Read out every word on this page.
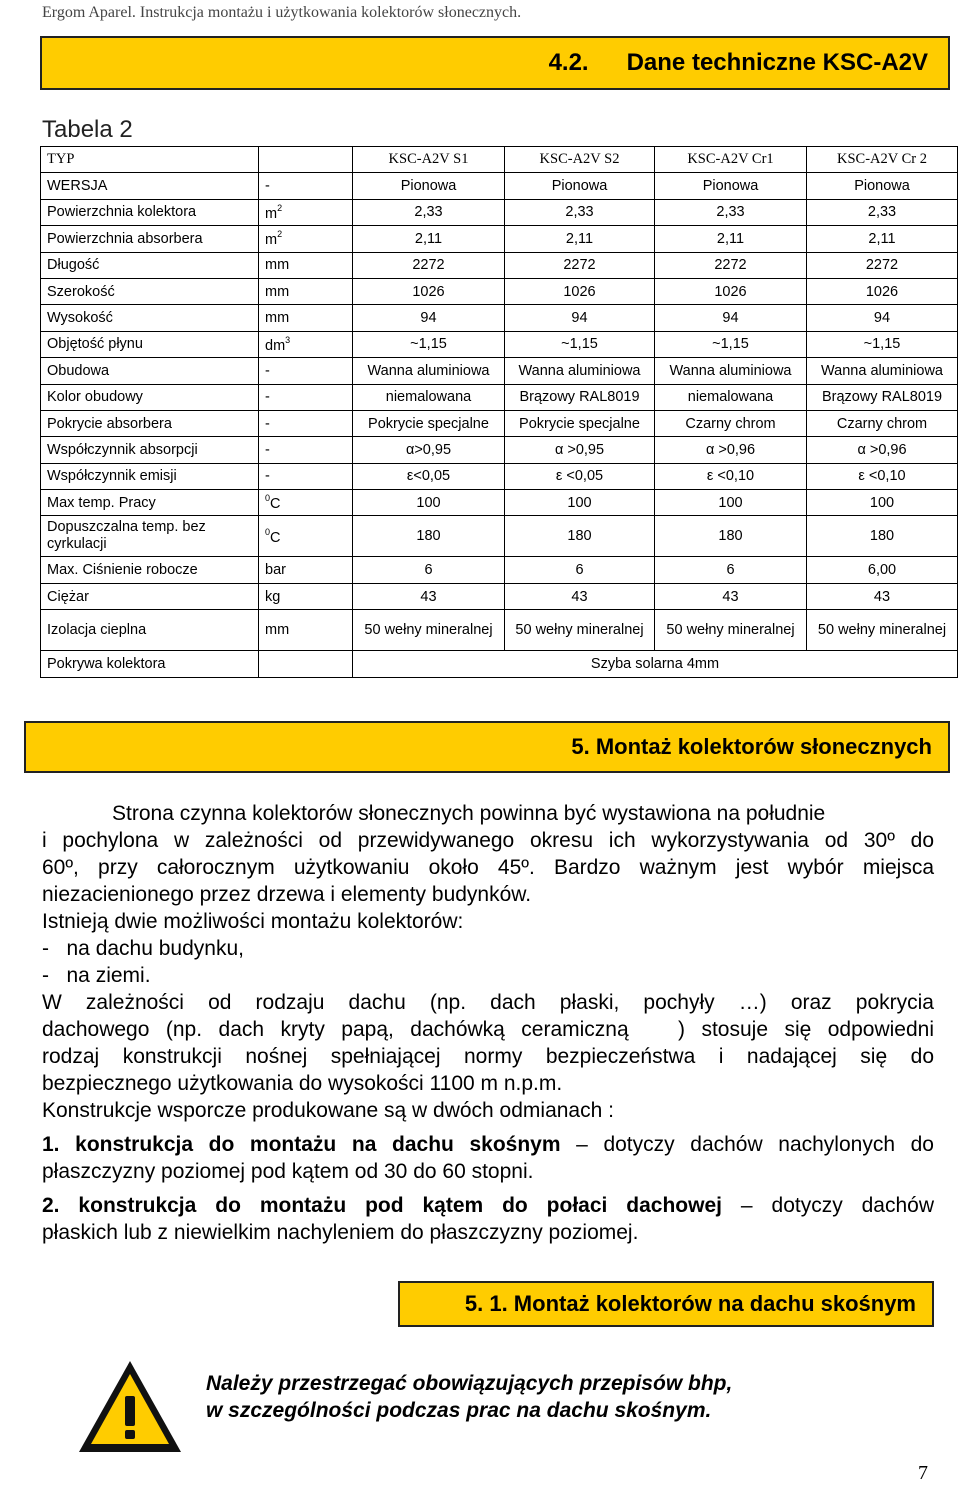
Ergom Aparel. Instrukcja montażu i użytkowania kolektorów słonecznych.
4.2. Dane techniczne KSC-A2V
Tabela 2
TYP		KSC-A2V S1	KSC-A2V S2	KSC-A2V Cr1	KSC-A2V Cr 2
WERSJA	-	Pionowa	Pionowa	Pionowa	Pionowa
Powierzchnia kolektora	$m^2$	2,33	2,33	2,33	2,33
Powierzchnia absorbera	$m^2$	2,11	2,11	2,11	2,11
Długość	mm	2272	2272	2272	2272
Szerokość	mm	1026	1026	1026	1026
Wysokość	mm	94	94	94	94
Objętość płynu	$dm^3$	~1,15	~1,15	~1,15	~1,15
Obudowa	-	Wanna aluminiowa	Wanna aluminiowa	Wanna aluminiowa	Wanna aluminiowa
Kolor obudowy	-	niemalowana	Brązowy RAL8019	niemalowana	Brązowy RAL8019
Pokrycie absorbera	-	Pokrycie specjalne	Pokrycie specjalne	Czarny chrom	Czarny chrom
Współczynnik absorpcji	-	α>0,95	α >0,95	α >0,96	α >0,96
Współczynnik emisji	-	ε<0,05	ε <0,05	ε <0,10	ε <0,10
Max temp. Pracy	$^0$C	100	100	100	100
Dopuszczalna temp. bez cyrkulacji	$^0$C	180	180	180	180
Max. Ciśnienie robocze	bar	6	6	6	6,00
Ciężar	kg	43	43	43	43
Izolacja cieplna	mm	50 wełny mineralnej	50 wełny mineralnej	50 wełny mineralnej	50 wełny mineralnej
Pokrywa kolektora		Szyba solarna 4mm			
5. Montaż kolektorów słonecznych
Strona czynna kolektorów słonecznych powinna być wystawiona na południe
i pochylona w zależności od przewidywanego okresu ich wykorzystywania od 30º do
60º, przy całorocznym użytkowaniu około 45º. Bardzo ważnym jest wybór miejsca
niezacienionego przez drzewa i elementy budynków.
Istnieją dwie możliwości montażu kolektorów:
-   na dachu budynku,
-   na ziemi.
W zależności od rodzaju dachu (np. dach płaski, pochyły …) oraz pokrycia
dachowego (np. dach kryty papą, dachówką ceramiczną   ) stosuje się odpowiedni
rodzaj konstrukcji nośnej spełniającej normy bezpieczeństwa i nadającej się do
bezpiecznego użytkowania do wysokości 1100 m n.p.m.
Konstrukcje wsporcze produkowane są w dwóch odmianach :
1. konstrukcja do montażu na dachu skośnym – dotyczy dachów nachylonych do
płaszczyzny poziomej pod kątem od 30 do 60 stopni.
2. konstrukcja do montażu pod kątem do połaci dachowej – dotyczy dachów
płaskich lub z niewielkim nachyleniem do płaszczyzny poziomej.
5. 1. Montaż kolektorów na dachu skośnym
Należy przestrzegać obowiązujących przepisów bhp,
w szczególności podczas prac na dachu skośnym.
7
